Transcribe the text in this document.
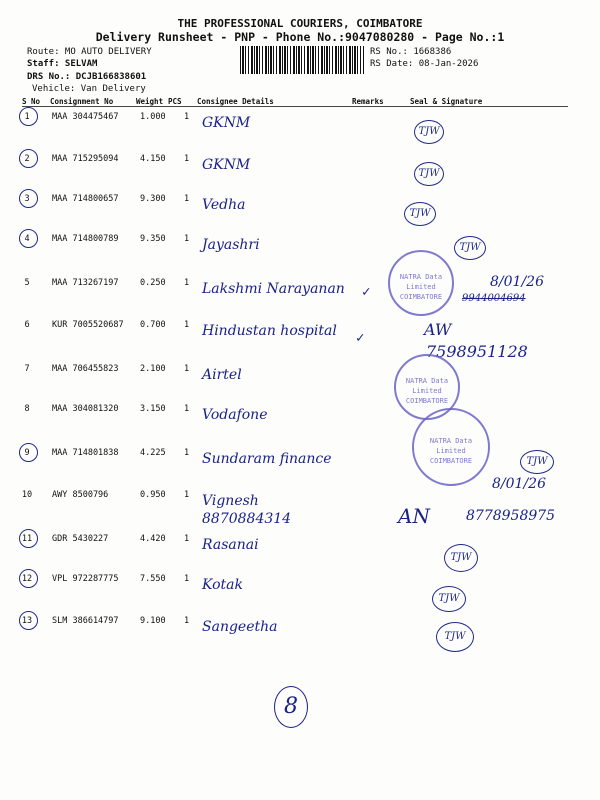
THE PROFESSIONAL COURIERS, COIMBATORE
Delivery Runsheet - PNP - Phone No.:9047080280 - Page No.:1
Route: MO AUTO DELIVERY
Staff: SELVAM
DRS No.: DCJB166838601
Vehicle: Van Delivery
RS No.: 1668386
RS Date: 08-Jan-2026
S No Consignment No	Weight PCS Consignee Details	Remarks	Seal & Signature
1	MAA 304475467	1.000 1 GKNM
2	MAA 715295094	4.150 1 GKNM
3	MAA 714800657	9.300 1 Vedha
4	MAA 714800789	9.350 1 Jayashri
5	MAA 713267197	0.250 1 Lakshmi Narayanan
6	KUR 7005520687 0.700 1 Hindustan hospital
7	MAA 706455823	2.100 1 Airtel
8	MAA 304081320	3.150 1 Vodafone
9	MAA 714801838	4.225 1 Sundaram finance
10 AWY 8500796	0.950 1 Vignesh 8870884314
11 GDR 5430227	4.420 1 Rasanai
12 VPL 972287775	7.550 1 Kotak
13 SLM 386614797	9.100 1 Sangeetha
TJW
TJW
TJW
TJW
NATRA Data Limited COIMBATORE
8/01/26
9944004694
✓
AW
7598951128
✓
NATRA Data Limited COIMBATORE
NATRA Data Limited COIMBATORE	TJW
8/01/26
AN	8778958975
TJW
TJW
TJW
8
